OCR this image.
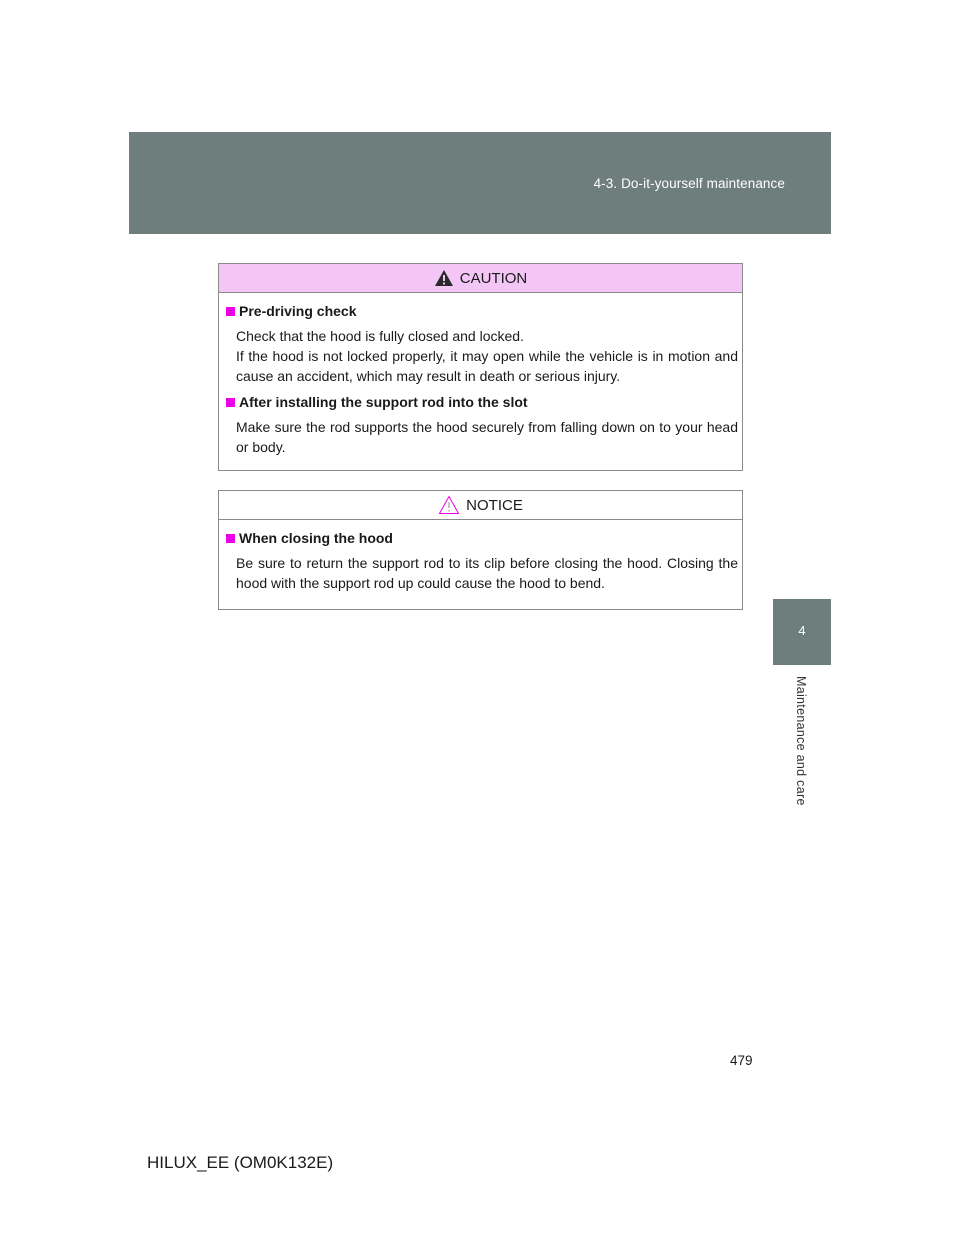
4-3. Do-it-yourself maintenance
4
Maintenance and care
CAUTION
Pre-driving check

Check that the hood is fully closed and locked.

If the hood is not locked properly, it may open while the vehicle is in motion and cause an accident, which may result in death or serious injury.

After installing the support rod into the slot

Make sure the rod supports the hood securely from falling down on to your head or body.

NOTICE
When closing the hood

Be sure to return the support rod to its clip before closing the hood. Closing the hood with the support rod up could cause the hood to bend.

479
HILUX_EE (OM0K132E)
